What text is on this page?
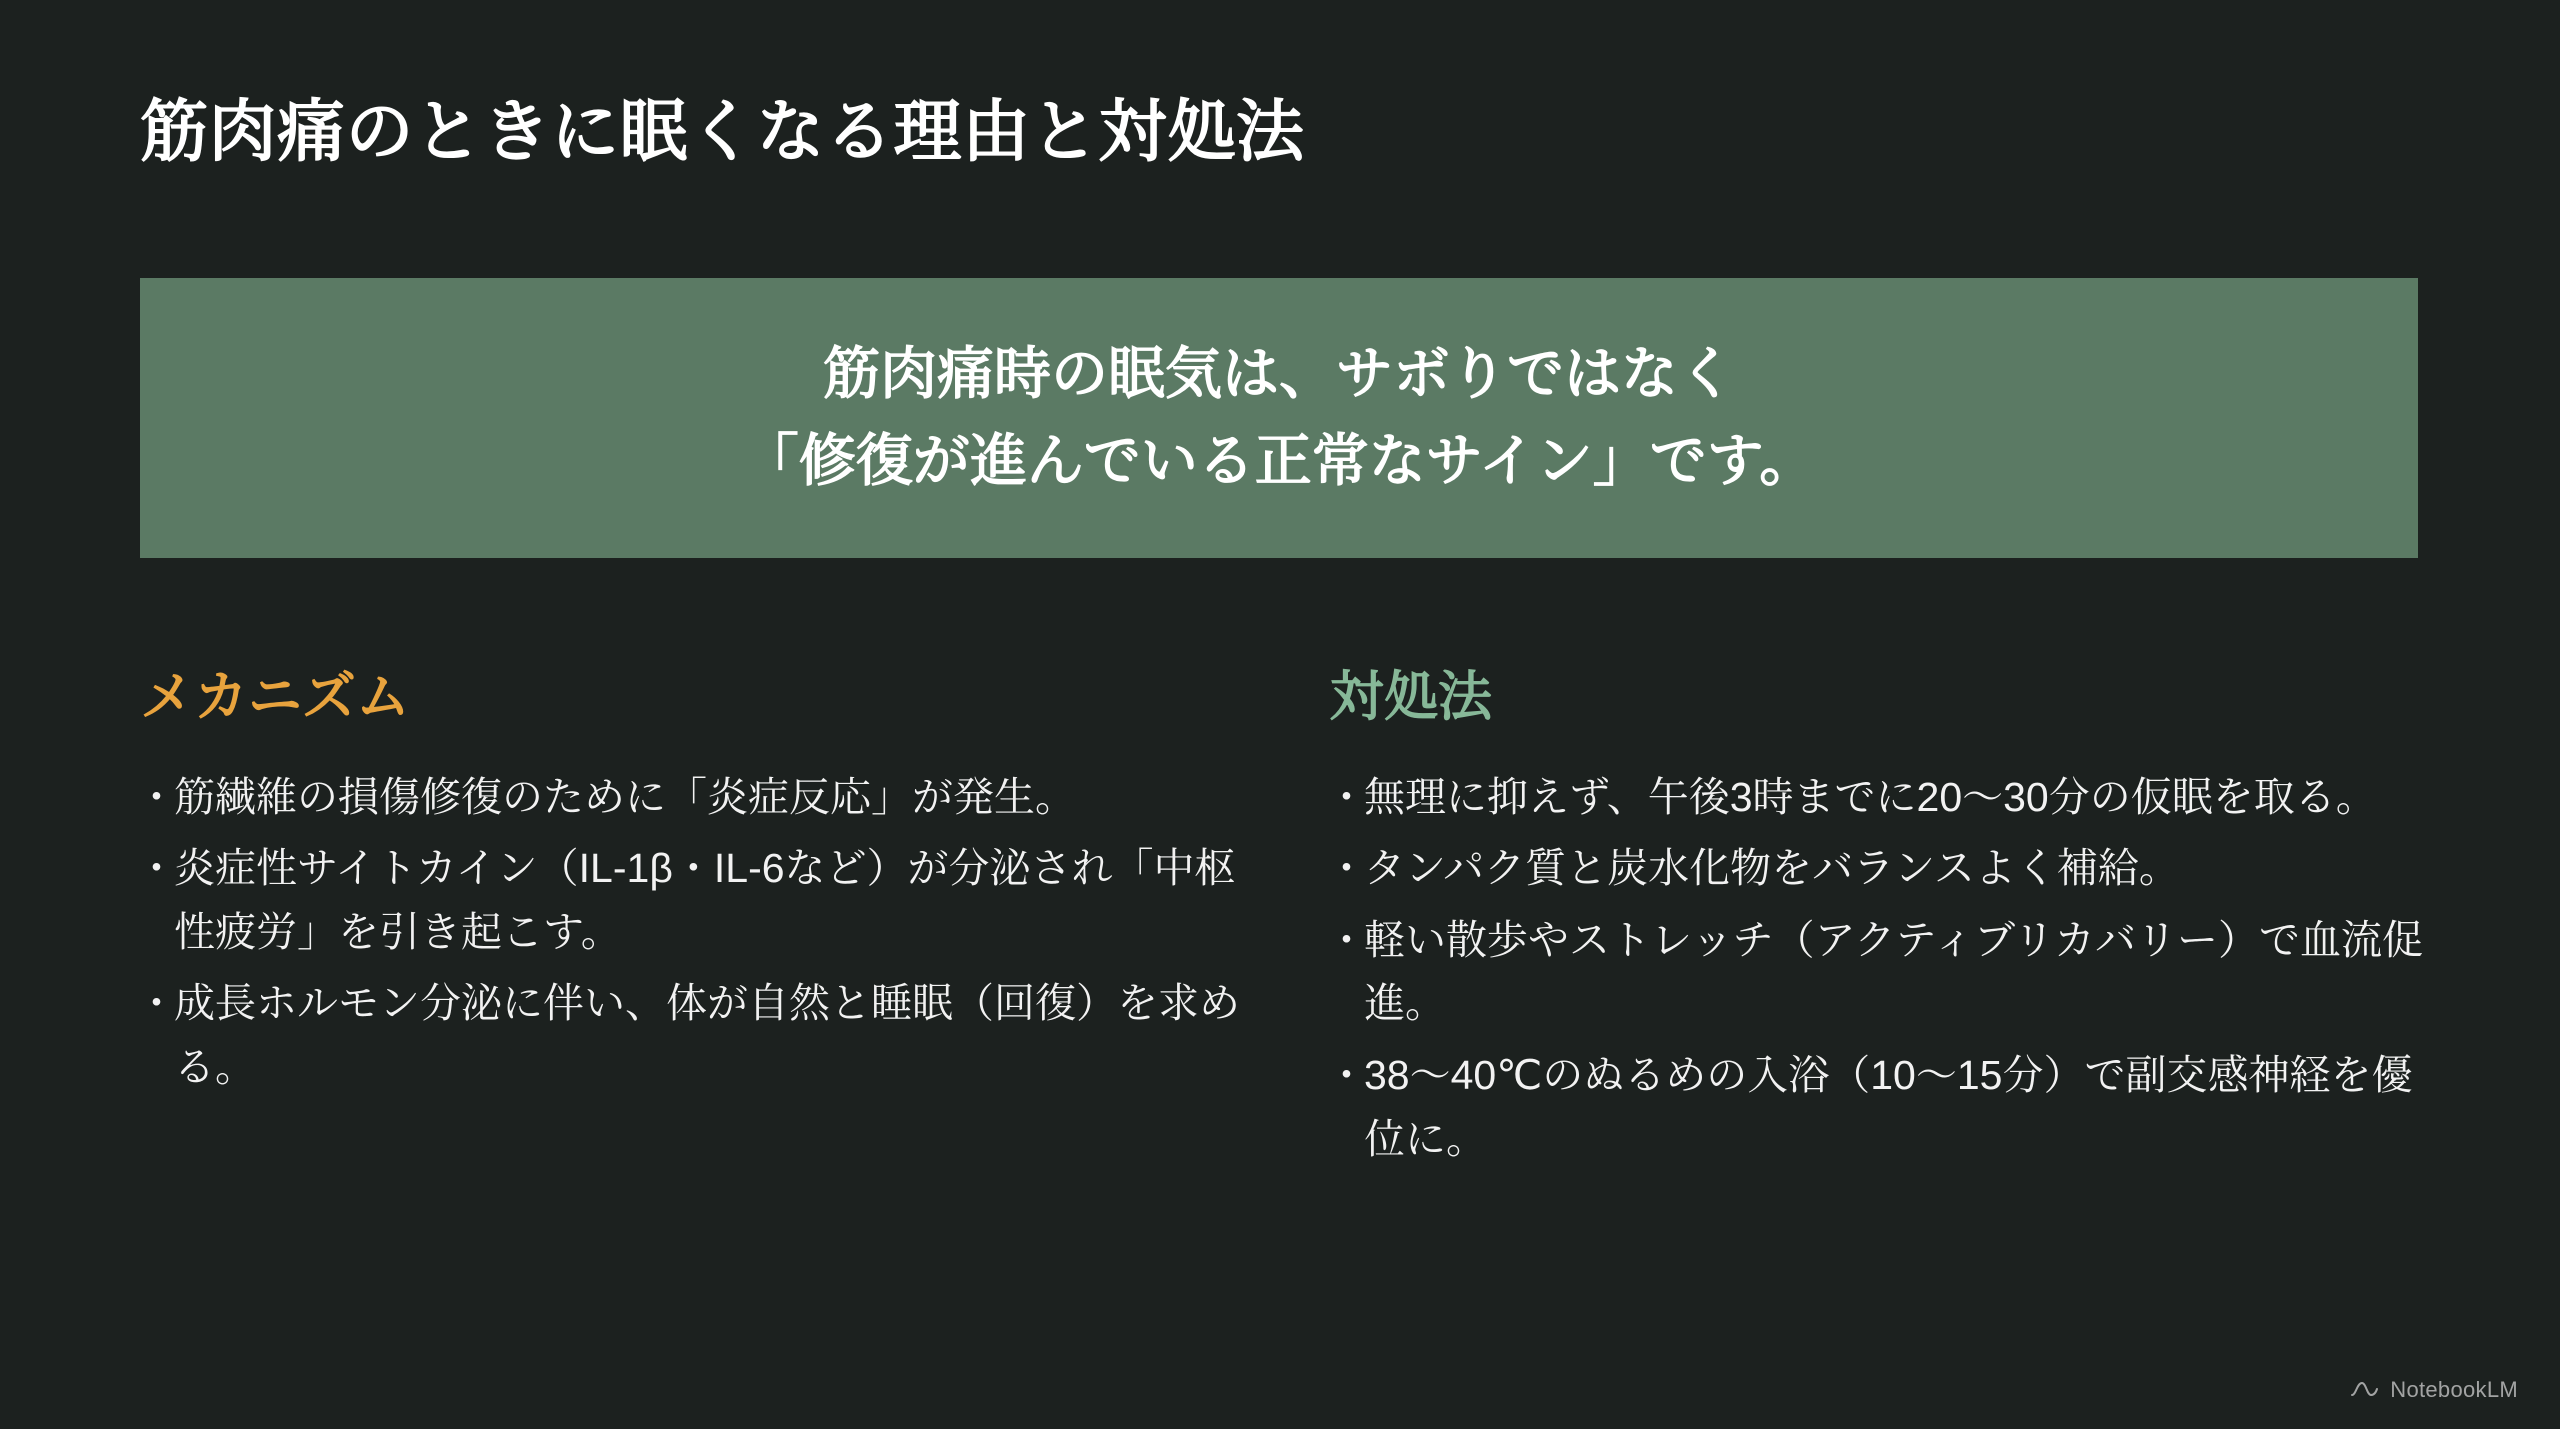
筋肉痛のときに眠くなる理由と対処法
筋肉痛時の眠気は、サボりではなく
「修復が進んでいる正常なサイン」です。
メカニズム
・ 筋繊維の損傷修復のために「炎症反応」が発生。
・ 炎症性サイトカイン（IL-1β・IL-6など）が分泌され「中枢性疲労」を引き起こす。
・ 成長ホルモン分泌に伴い、体が自然と睡眠（回復）を求める。
対処法
・ 無理に抑えず、午後3時までに20〜30分の仮眠を取る。
・ タンパク質と炭水化物をバランスよく補給。
・ 軽い散歩やストレッチ（アクティブリカバリー）で血流促進。
・ 38〜40℃のぬるめの入浴（10〜15分）で副交感神経を優位に。
NotebookLM
